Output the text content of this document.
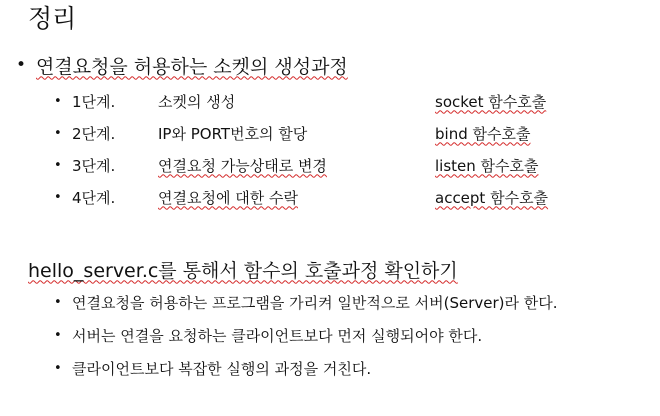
정리
• 연결요청을 허용하는 소켓의 생성과정
• 1단계.	소켓의 생성	socket 함수호출
• 2단계.	IP와 PORT번호의 할당	bind 함수호출
• 3단계.	연결요청 가능상태로 변경	listen 함수호출
• 4단계.	연결요청에 대한 수락	accept 함수호출
hello_server.c를 통해서 함수의 호출과정 확인하기
• 연결요청을 허용하는 프로그램을 가리켜 일반적으로 서버(Server)라 한다.
• 서버는 연결을 요청하는 클라이언트보다 먼저 실행되어야 한다.
• 클라이언트보다 복잡한 실행의 과정을 거친다.
